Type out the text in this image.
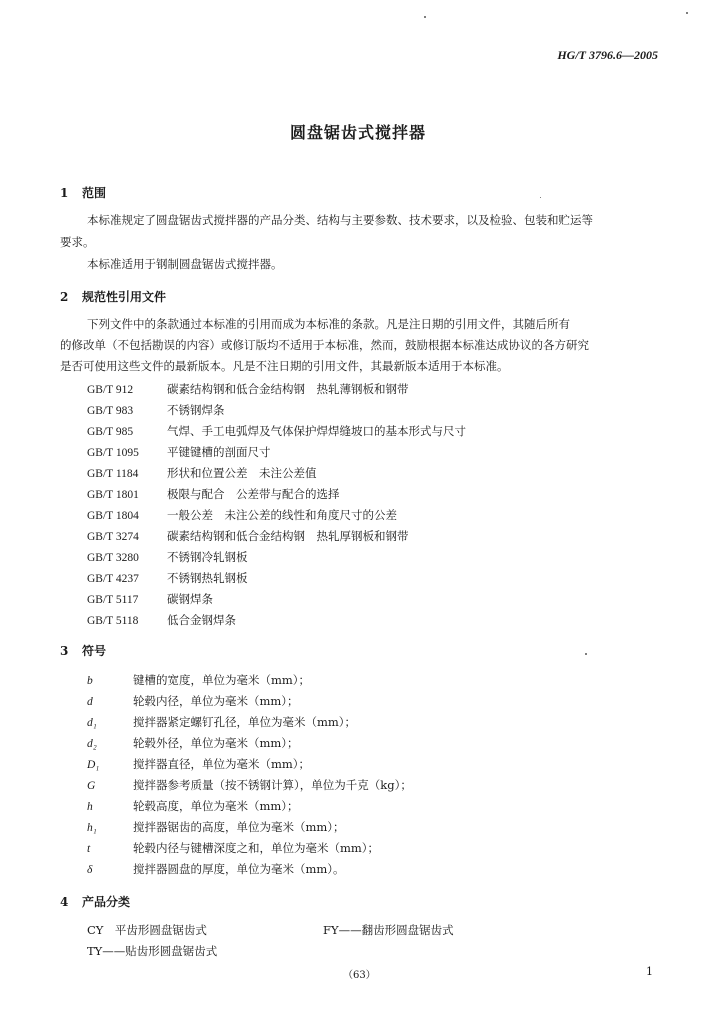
HG/T 3796.6—2005
圆盘锯齿式搅拌器
1 范围
本标准规定了圆盘锯齿式搅拌器的产品分类、结构与主要参数、技术要求，以及检验、包装和贮运等
要求。
本标准适用于钢制圆盘锯齿式搅拌器。
2 规范性引用文件
下列文件中的条款通过本标准的引用而成为本标准的条款。凡是注日期的引用文件，其随后所有
的修改单（不包括勘误的内容）或修订版均不适用于本标准，然而，鼓励根据本标准达成协议的各方研究
是否可使用这些文件的最新版本。凡是不注日期的引用文件，其最新版本适用于本标准。
GB/T 912	碳素结构钢和低合金结构钢　热轧薄钢板和钢带
GB/T 983	不锈钢焊条
GB/T 985	气焊、手工电弧焊及气体保护焊焊缝坡口的基本形式与尺寸
GB/T 1095 平键键槽的剖面尺寸
GB/T 1184 形状和位置公差　未注公差值
GB/T 1801 极限与配合　公差带与配合的选择
GB/T 1804 一般公差　未注公差的线性和角度尺寸的公差
GB/T 3274 碳素结构钢和低合金结构钢　热轧厚钢板和钢带
GB/T 3280 不锈钢冷轧钢板
GB/T 4237 不锈钢热轧钢板
GB/T 5117 碳钢焊条
GB/T 5118 低合金钢焊条
3 符号
b	键槽的宽度，单位为毫米（mm）；
d	轮毂内径，单位为毫米（mm）；
d₁	搅拌器紧定螺钉孔径，单位为毫米（mm）；
d₂	轮毂外径，单位为毫米（mm）；
D₁	搅拌器直径，单位为毫米（mm）；
G	搅拌器参考质量（按不锈钢计算），单位为千克（kg）；
h	轮毂高度，单位为毫米（mm）；
h₁	搅拌器锯齿的高度，单位为毫米（mm）；
t	轮毂内径与键槽深度之和，单位为毫米（mm）；
δ	搅拌器圆盘的厚度，单位为毫米（mm）。
4 产品分类
CY　平齿形圆盘锯齿式	FY——翻齿形圆盘锯齿式
TY——贴齿形圆盘锯齿式
（63）	1
